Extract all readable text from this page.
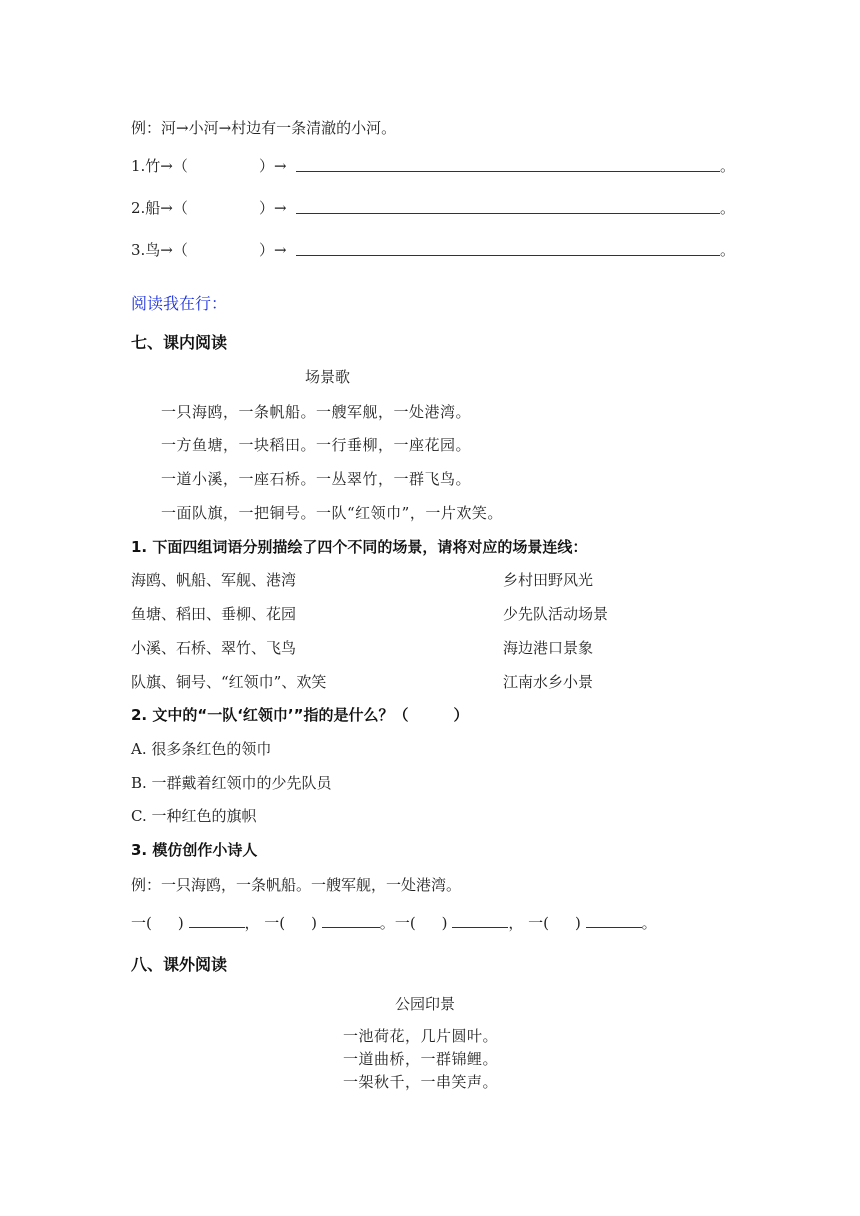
例：河→小河→村边有一条清澈的小河。
1.竹→（	）→	。
2.船→（	）→	。
3.鸟→（	）→	。
阅读我在行：
七、课内阅读
场景歌
一只海鸥，一条帆船。一艘军舰，一处港湾。
一方鱼塘，一块稻田。一行垂柳，一座花园。
一道小溪，一座石桥。一丛翠竹，一群飞鸟。
一面队旗，一把铜号。一队“红领巾”，一片欢笑。
1. 下面四组词语分别描绘了四个不同的场景，请将对应的场景连线：
海鸥、帆船、军舰、港湾	乡村田野风光
鱼塘、稻田、垂柳、花园	少先队活动场景
小溪、石桥、翠竹、飞鸟	海边港口景象
队旗、铜号、“红领巾”、欢笑	江南水乡小景
2. 文中的“一队‘红领巾’”指的是什么？（　　　）
A. 很多条红色的领巾
B. 一群戴着红领巾的少先队员
C. 一种红色的旗帜
3. 模仿创作小诗人
例：一只海鸥，一条帆船。一艘军舰，一处港湾。
一( )	， 一( )	。一( )	， 一( )	。
八、课外阅读
公园印景
一池荷花，几片圆叶。
一道曲桥，一群锦鲤。
一架秋千，一串笑声。
